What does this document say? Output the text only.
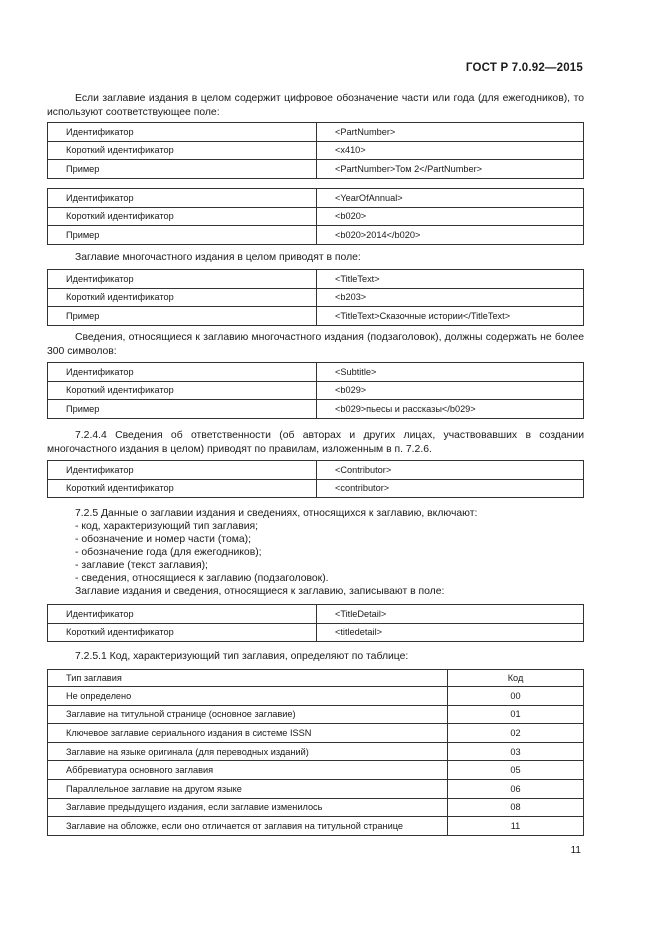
ГОСТ Р 7.0.92—2015
Если заглавие издания в целом содержит цифровое обозначение части или года (для ежегодников), то используют соответствующее поле:
Идентификатор	<PartNumber>
Короткий идентификатор	<x410>
Пример	<PartNumber>Том 2</PartNumber>
Идентификатор	<YearOfAnnual>
Короткий идентификатор	<b020>
Пример	<b020>2014</b020>
Заглавие многочастного издания в целом приводят в поле:
Идентификатор	<TitleText>
Короткий идентификатор	<b203>
Пример	<TitleText>Сказочные истории</TitleText>
Сведения, относящиеся к заглавию многочастного издания (подзаголовок), должны содержать не более 300 символов:
Идентификатор	<Subtitle>
Короткий идентификатор	<b029>
Пример	<b029>пьесы и рассказы</b029>
7.2.4.4 Сведения об ответственности (об авторах и других лицах, участвовавших в создании многочастного издания в целом) приводят по правилам, изложенным в п. 7.2.6.
Идентификатор	<Contributor>
Короткий идентификатор	<contributor>
7.2.5 Данные о заглавии издания и сведениях, относящихся к заглавию, включают:
- код, характеризующий тип заглавия;
- обозначение и номер части (тома);
- обозначение года (для ежегодников);
- заглавие (текст заглавия);
- сведения, относящиеся к заглавию (подзаголовок).
Заглавие издания и сведения, относящиеся к заглавию, записывают в поле:
Идентификатор	<TitleDetail>
Короткий идентификатор	<titledetail>
7.2.5.1 Код, характеризующий тип заглавия, определяют по таблице:
Тип заглавия	Код
Не определено	00
Заглавие на титульной странице (основное заглавие)	01
Ключевое заглавие сериального издания в системе ISSN	02
Заглавие на языке оригинала (для переводных изданий)	03
Аббревиатура основного заглавия	05
Параллельное заглавие на другом языке	06
Заглавие предыдущего издания, если заглавие изменилось	08
Заглавие на обложке, если оно отличается от заглавия на титульной странице	11
11
